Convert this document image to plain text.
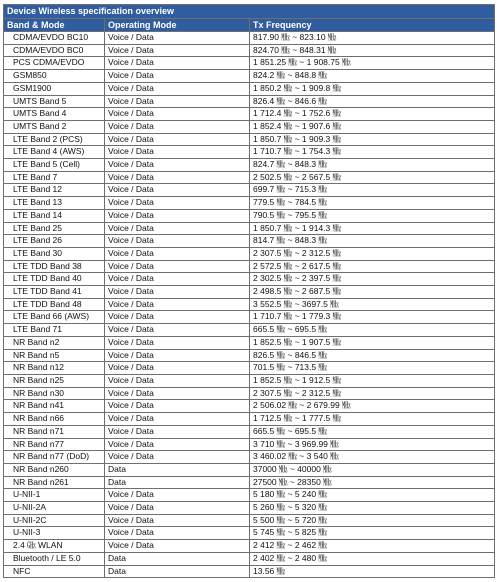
Device Wireless specification overview		
Band & Mode	Operating Mode	Tx Frequency
CDMA/EVDO BC10	Voice / Data	817.90 ㎒ ~ 823.10 ㎒
CDMA/EVDO BC0	Voice / Data	824.70 ㎒ ~ 848.31 ㎒
PCS CDMA/EVDO	Voice / Data	1 851.25 ㎒ ~ 1 908.75 ㎒
GSM850	Voice / Data	824.2 ㎒ ~ 848.8 ㎒
GSM1900	Voice / Data	1 850.2 ㎒ ~ 1 909.8 ㎒
UMTS Band 5	Voice / Data	826.4 ㎒ ~ 846.6 ㎒
UMTS Band 4	Voice / Data	1 712.4 ㎒ ~ 1 752.6 ㎒
UMTS Band 2	Voice / Data	1 852.4 ㎒ ~ 1 907.6 ㎒
LTE Band 2 (PCS)	Voice / Data	1 850.7 ㎒ ~ 1 909.3 ㎒
LTE Band 4 (AWS)	Voice / Data	1 710.7 ㎒ ~ 1 754.3 ㎒
LTE Band 5 (Cell)	Voice / Data	824.7 ㎒ ~ 848.3 ㎒
LTE Band 7	Voice / Data	2 502.5 ㎒ ~ 2 567.5 ㎒
LTE Band 12	Voice / Data	699.7 ㎒ ~ 715.3 ㎒
LTE Band 13	Voice / Data	779.5 ㎒ ~ 784.5 ㎒
LTE Band 14	Voice / Data	790.5 ㎒ ~ 795.5 ㎒
LTE Band 25	Voice / Data	1 850.7 ㎒ ~ 1 914.3 ㎒
LTE Band 26	Voice / Data	814.7 ㎒ ~ 848.3 ㎒
LTE Band 30	Voice / Data	2 307.5 ㎒ ~ 2 312.5 ㎒
LTE TDD Band 38	Voice / Data	2 572.5 ㎒ ~ 2 617.5 ㎒
LTE TDD Band 40	Voice / Data	2 302.5 ㎒ ~ 2 397.5 ㎒
LTE TDD Band 41	Voice / Data	2 498.5 ㎒ ~ 2 687.5 ㎒
LTE TDD Band 48	Voice / Data	3 552.5 ㎒ ~ 3697.5 ㎒
LTE Band 66 (AWS)	Voice / Data	1 710.7 ㎒ ~ 1 779.3 ㎒
LTE Band 71	Voice / Data	665.5 ㎒ ~ 695.5 ㎒
NR Band n2	Voice / Data	1 852.5 ㎒ ~ 1 907.5 ㎒
NR Band n5	Voice / Data	826.5 ㎒ ~ 846.5 ㎒
NR Band n12	Voice / Data	701.5 ㎒ ~ 713.5 ㎒
NR Band n25	Voice / Data	1 852.5 ㎒ ~ 1 912.5 ㎒
NR Band n30	Voice / Data	2 307.5 ㎒ ~ 2 312.5 ㎒
NR Band n41	Voice / Data	2 506.02 ㎒ ~ 2 679.99 ㎒
NR Band n66	Voice / Data	1 712.5 ㎒ ~ 1 777.5 ㎒
NR Band n71	Voice / Data	665.5 ㎒ ~ 695.5 ㎒
NR Band n77	Voice / Data	3 710 ㎒ ~ 3 969.99 ㎒
NR Band n77 (DoD)	Voice / Data	3 460.02 ㎒ ~ 3 540 ㎒
NR Band n260	Data	37000 ㎒ ~ 40000 ㎒
NR Band n261	Data	27500 ㎒ ~ 28350 ㎒
U-NII-1	Voice / Data	5 180 ㎒ ~ 5 240 ㎒
U-NII-2A	Voice / Data	5 260 ㎒ ~ 5 320 ㎒
U-NII-2C	Voice / Data	5 500 ㎒ ~ 5 720 ㎒
U-NII-3	Voice / Data	5 745 ㎒ ~ 5 825 ㎒
2.4 ㎓ WLAN	Voice / Data	2 412 ㎒ ~ 2 462 ㎒
Bluetooth / LE 5.0	Data	2 402 ㎒ ~ 2 480 ㎒
NFC	Data	13.56 ㎒
